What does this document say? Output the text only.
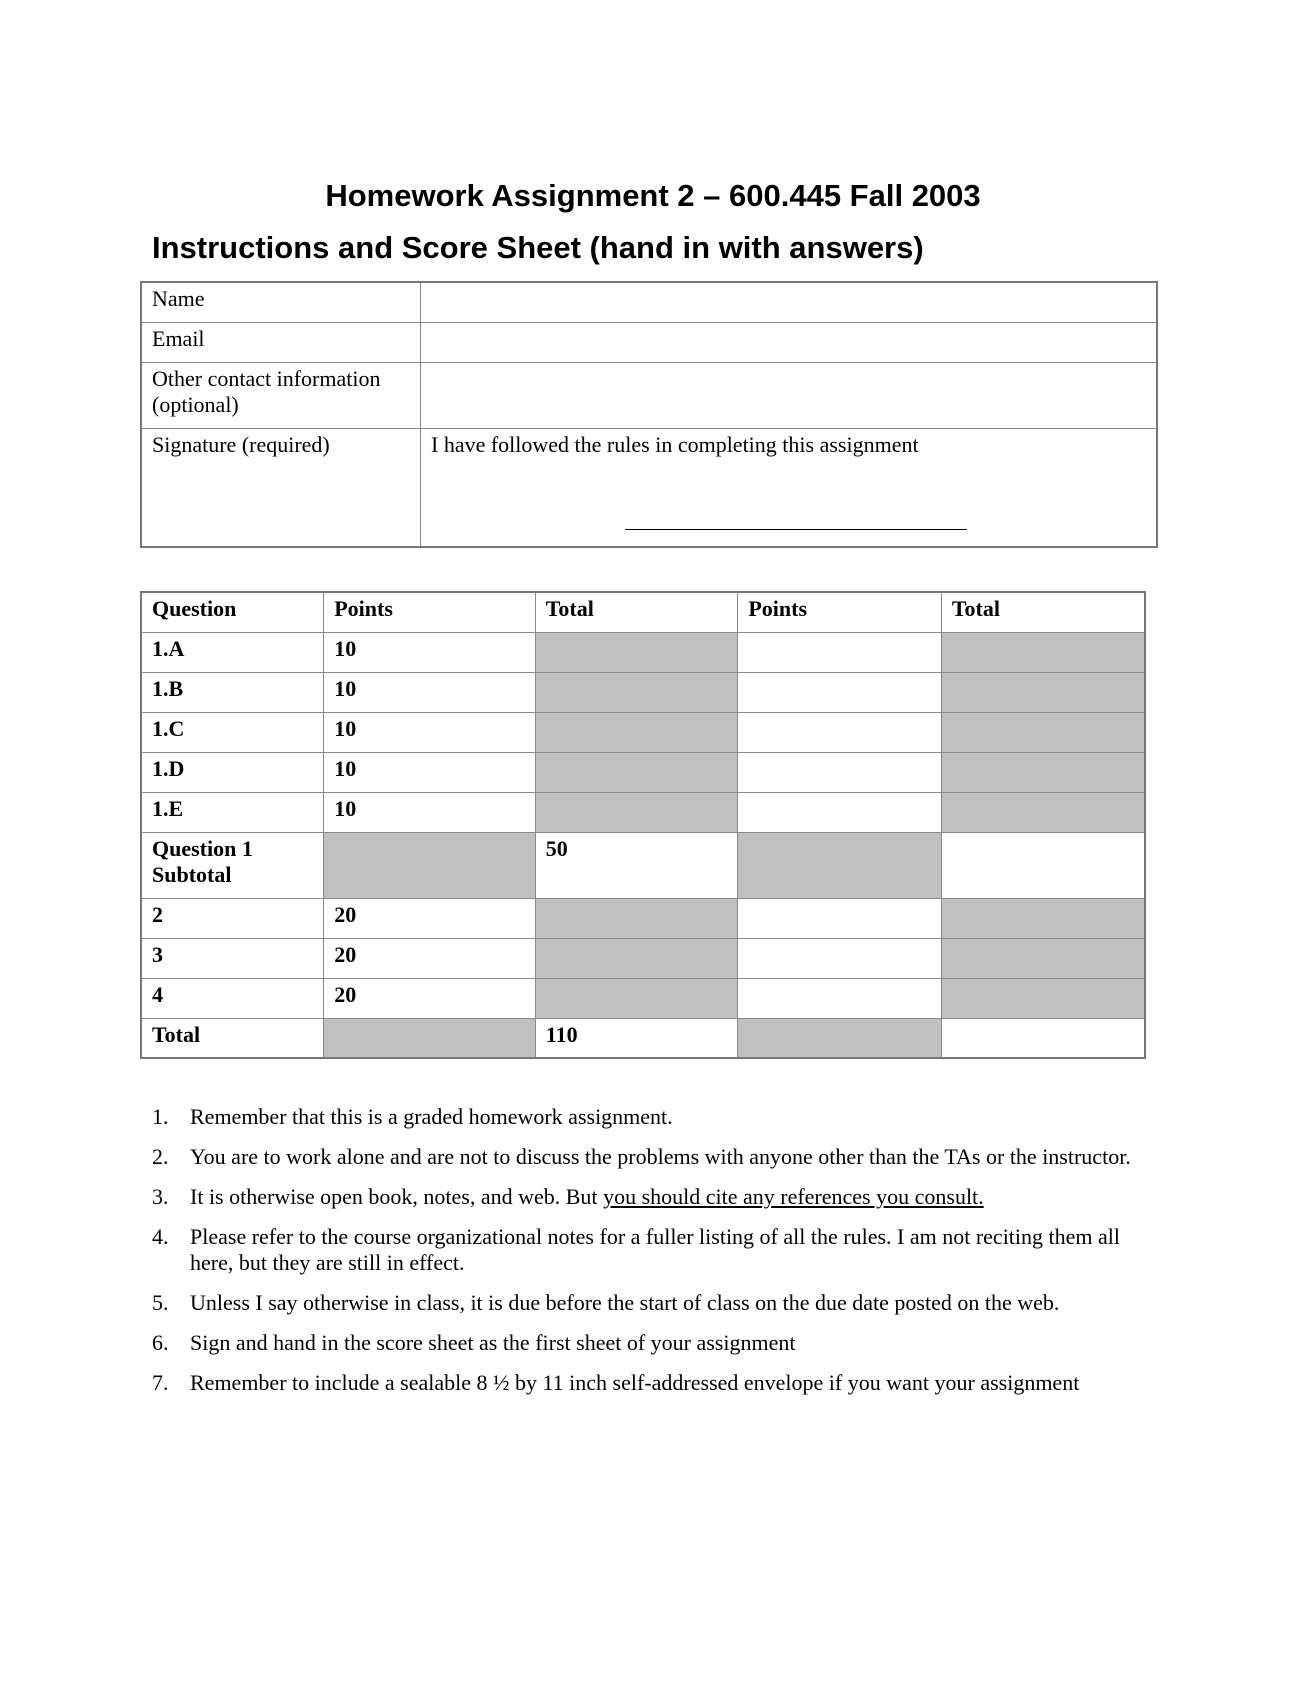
Homework Assignment 2 – 600.445 Fall 2003
Instructions and Score Sheet (hand in with answers)
Name	
Email	
Other contact information (optional)	
Signature (required)	I have followed the rules in completing this assignment
Question	Points	Total	Points	Total
1.A	10			
1.B	10			
1.C	10			
1.D	10			
1.E	10			
Question 1 Subtotal		50		
2	20			
3	20			
4	20			
Total		110		
1. Remember that this is a graded homework assignment.
2. You are to work alone and are not to discuss the problems with anyone other than the TAs or the instructor.
3. It is otherwise open book, notes, and web. But you should cite any references you consult.
4. Please refer to the course organizational notes for a fuller listing of all the rules. I am not reciting them all here, but they are still in effect.
5. Unless I say otherwise in class, it is due before the start of class on the due date posted on the web.
6. Sign and hand in the score sheet as the first sheet of your assignment
7. Remember to include a sealable 8 ½ by 11 inch self-addressed envelope if you want your assignment
